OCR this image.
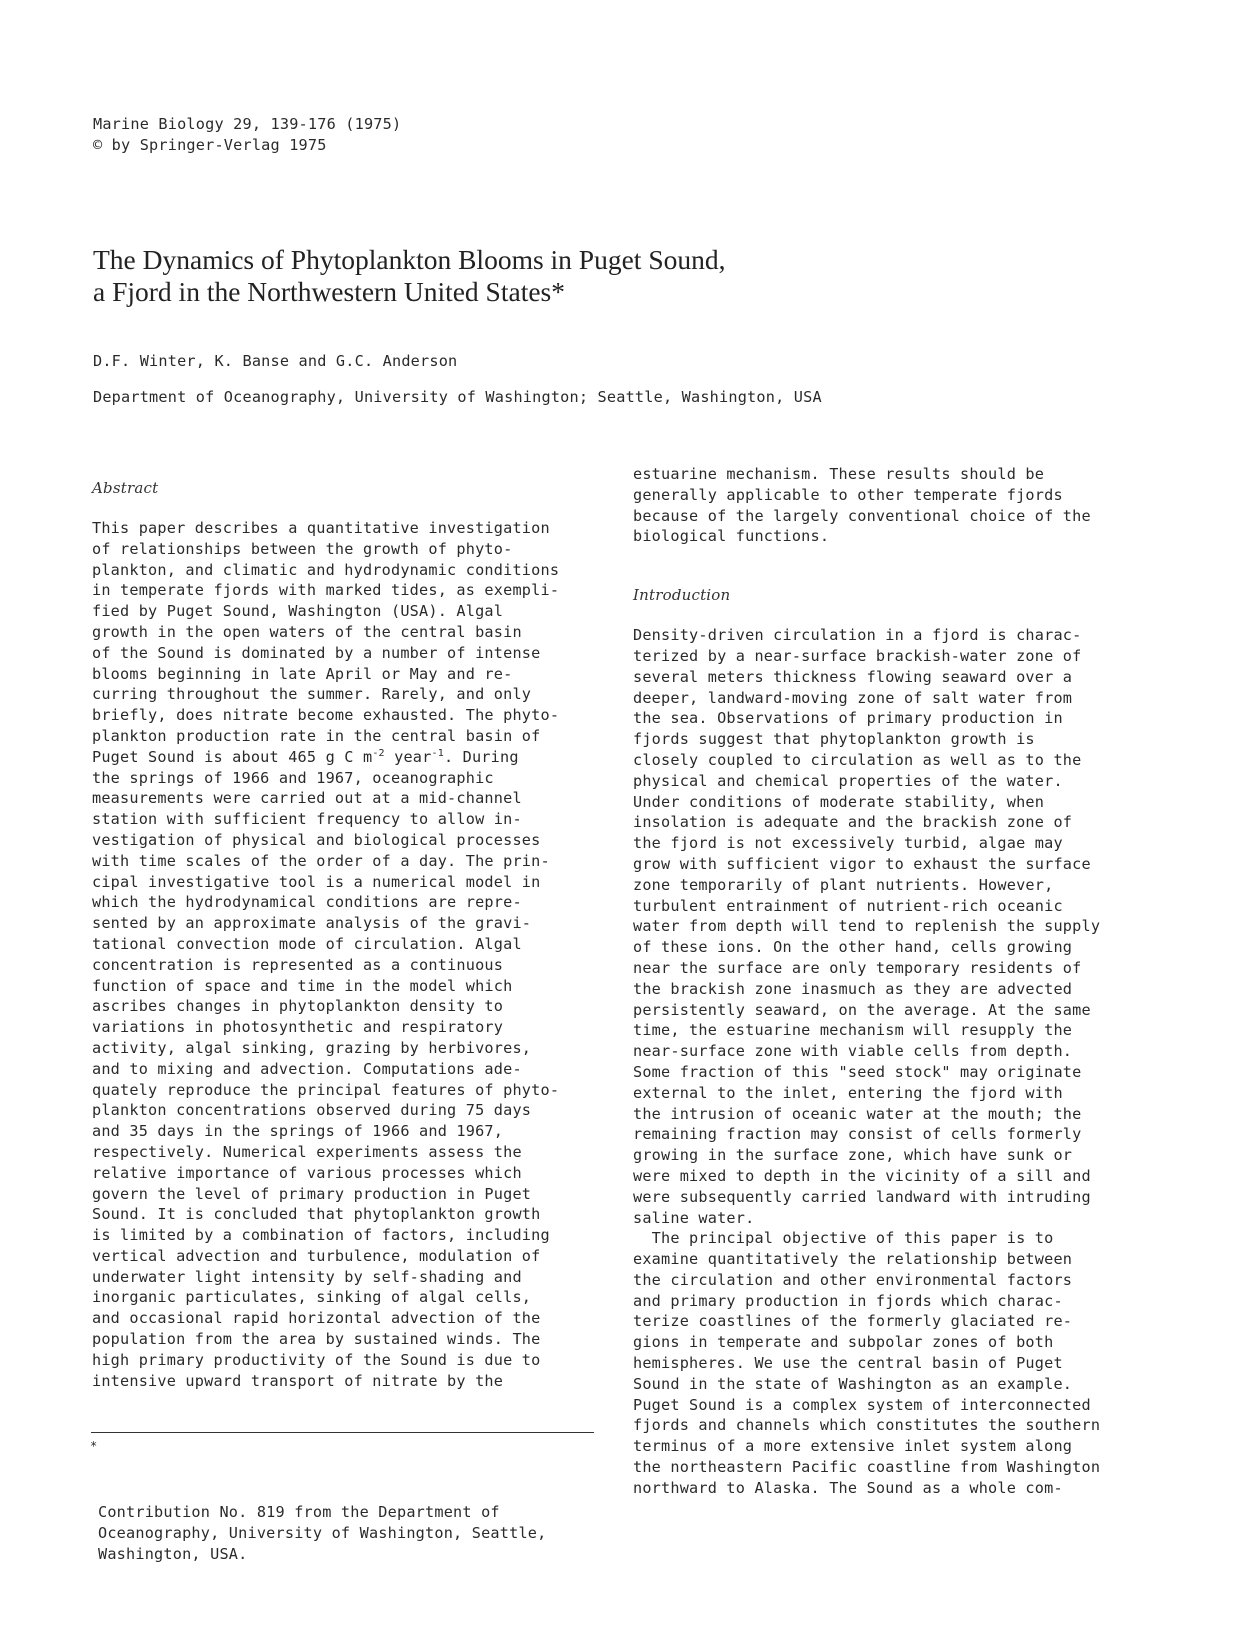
Marine Biology 29, 139-176 (1975)
© by Springer-Verlag 1975
The Dynamics of Phytoplankton Blooms in Puget Sound,
a Fjord in the Northwestern United States*
D.F. Winter, K. Banse and G.C. Anderson
Department of Oceanography, University of Washington; Seattle, Washington, USA
Abstract
This paper describes a quantitative investigation
of relationships between the growth of phyto-
plankton, and climatic and hydrodynamic conditions
in temperate fjords with marked tides, as exempli-
fied by Puget Sound, Washington (USA). Algal
growth in the open waters of the central basin
of the Sound is dominated by a number of intense
blooms beginning in late April or May and re-
curring throughout the summer. Rarely, and only
briefly, does nitrate become exhausted. The phyto-
plankton production rate in the central basin of
Puget Sound is about 465 g C $m^{-2}$ year$^{-1}$. During
the springs of 1966 and 1967, oceanographic
measurements were carried out at a mid-channel
station with sufficient frequency to allow in-
vestigation of physical and biological processes
with time scales of the order of a day. The prin-
cipal investigative tool is a numerical model in
which the hydrodynamical conditions are repre-
sented by an approximate analysis of the gravi-
tational convection mode of circulation. Algal
concentration is represented as a continuous
function of space and time in the model which
ascribes changes in phytoplankton density to
variations in photosynthetic and respiratory
activity, algal sinking, grazing by herbivores,
and to mixing and advection. Computations ade-
quately reproduce the principal features of phyto-
plankton concentrations observed during 75 days
and 35 days in the springs of 1966 and 1967,
respectively. Numerical experiments assess the
relative importance of various processes which
govern the level of primary production in Puget
Sound. It is concluded that phytoplankton growth
is limited by a combination of factors, including
vertical advection and turbulence, modulation of
underwater light intensity by self-shading and
inorganic particulates, sinking of algal cells,
and occasional rapid horizontal advection of the
population from the area by sustained winds. The
high primary productivity of the Sound is due to
intensive upward transport of nitrate by the
estuarine mechanism. These results should be
generally applicable to other temperate fjords
because of the largely conventional choice of the
biological functions.
Introduction
Density-driven circulation in a fjord is charac-
terized by a near-surface brackish-water zone of
several meters thickness flowing seaward over a
deeper, landward-moving zone of salt water from
the sea. Observations of primary production in
fjords suggest that phytoplankton growth is
closely coupled to circulation as well as to the
physical and chemical properties of the water.
Under conditions of moderate stability, when
insolation is adequate and the brackish zone of
the fjord is not excessively turbid, algae may
grow with sufficient vigor to exhaust the surface
zone temporarily of plant nutrients. However,
turbulent entrainment of nutrient-rich oceanic
water from depth will tend to replenish the supply
of these ions. On the other hand, cells growing
near the surface are only temporary residents of
the brackish zone inasmuch as they are advected
persistently seaward, on the average. At the same
time, the estuarine mechanism will resupply the
near-surface zone with viable cells from depth.
Some fraction of this "seed stock" may originate
external to the inlet, entering the fjord with
the intrusion of oceanic water at the mouth; the
remaining fraction may consist of cells formerly
growing in the surface zone, which have sunk or
were mixed to depth in the vicinity of a sill and
were subsequently carried landward with intruding
saline water.
The principal objective of this paper is to
examine quantitatively the relationship between
the circulation and other environmental factors
and primary production in fjords which charac-
terize coastlines of the formerly glaciated re-
gions in temperate and subpolar zones of both
hemispheres. We use the central basin of Puget
Sound in the state of Washington as an example.
Puget Sound is a complex system of interconnected
fjords and channels which constitutes the southern
terminus of a more extensive inlet system along
the northeastern Pacific coastline from Washington
northward to Alaska. The Sound as a whole com-

*

Contribution No. 819 from the Department of
Oceanography, University of Washington, Seattle,
Washington, USA.
